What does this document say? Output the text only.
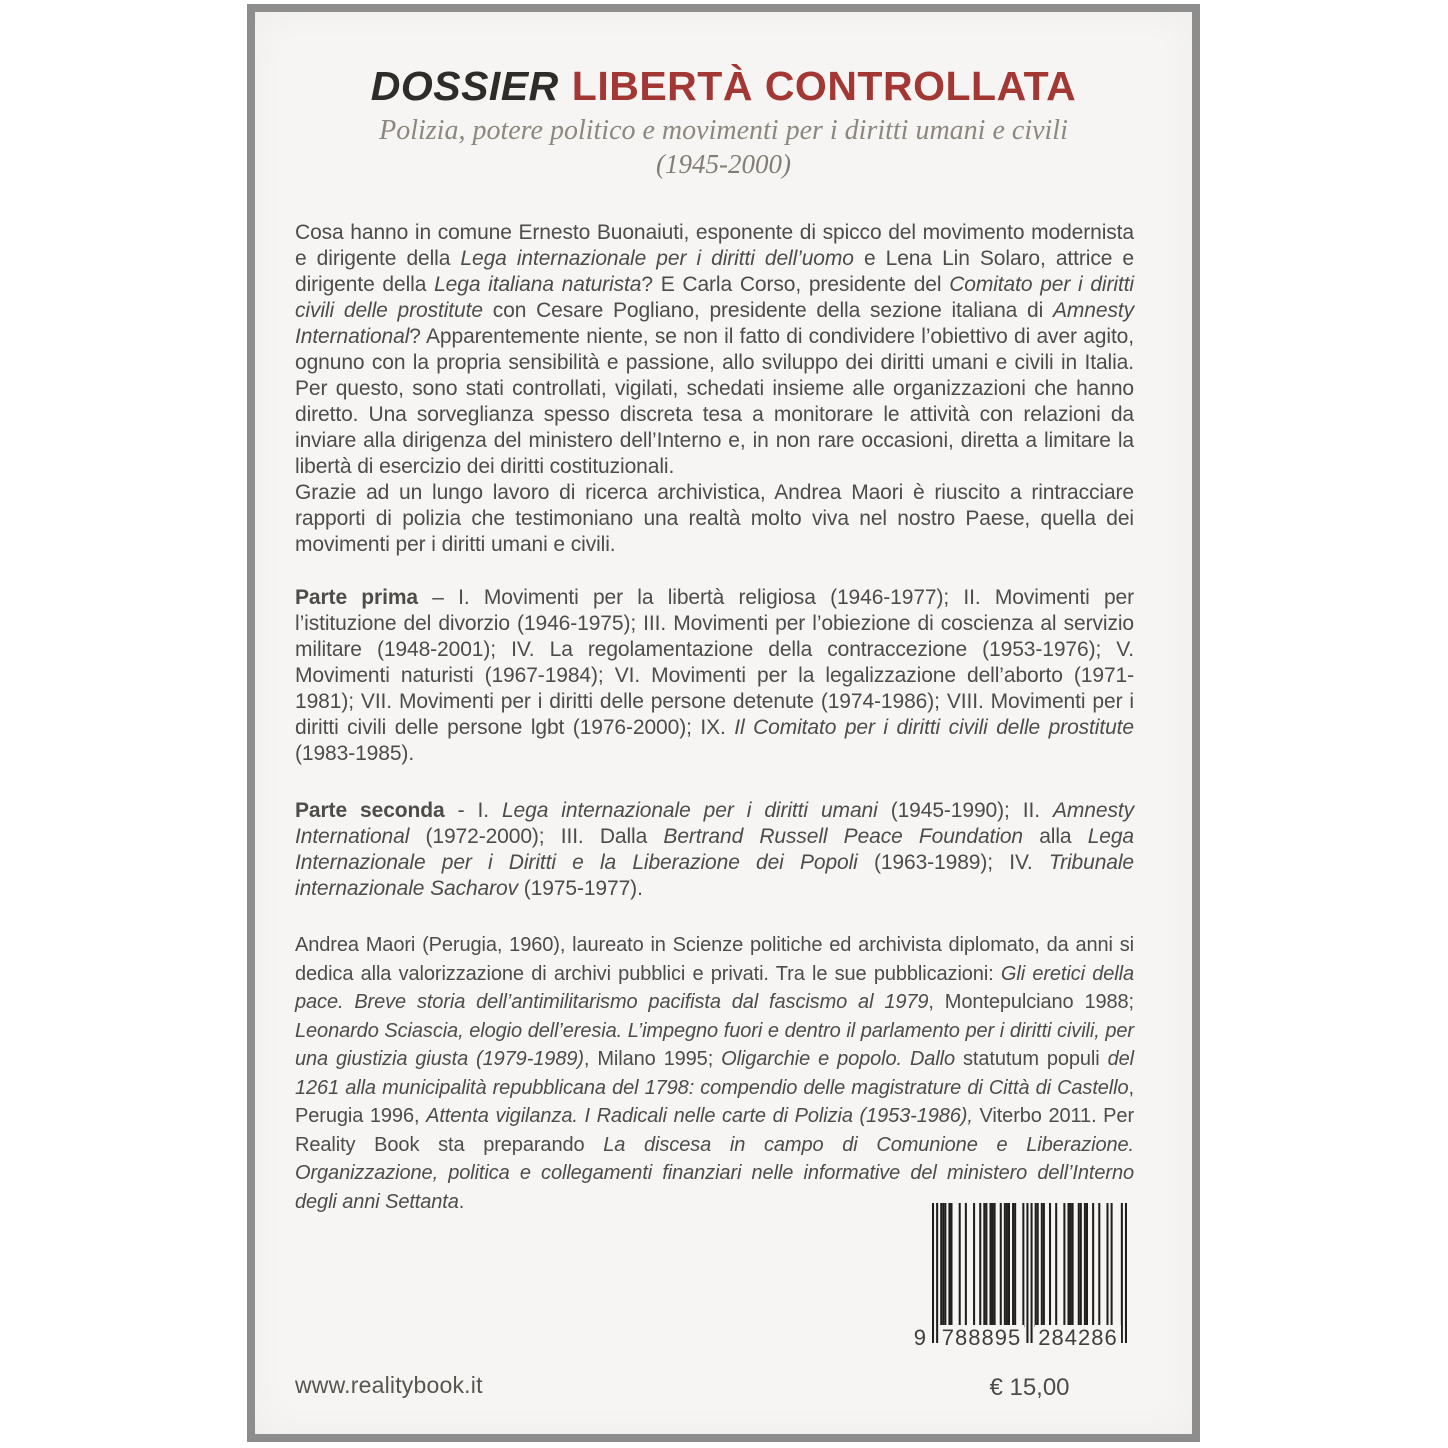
DOSSIER LIBERTÀ CONTROLLATA
Polizia, potere politico e movimenti per i diritti umani e civili
(1945-2000)

Cosa hanno in comune Ernesto Buonaiuti, esponente di spicco del movimento modernista e dirigente della Lega internazionale per i diritti dell’uomo e Lena Lin Solaro, attrice e dirigente della Lega italiana naturista? E Carla Corso, presidente del Comitato per i diritti civili delle prostitute con Cesare Pogliano, presidente della sezione italiana di Amnesty International? Apparentemente niente, se non il fatto di condividere l’obiettivo di aver agito, ognuno con la propria sensibilità e passione, allo sviluppo dei diritti umani e civili in Italia. Per questo, sono stati controllati, vigilati, schedati insieme alle organizzazioni che hanno diretto. Una sorveglianza spesso discreta tesa a monitorare le attività con relazioni da inviare alla dirigenza del ministero dell’Interno e, in non rare occasioni, diretta a limitare la libertà di esercizio dei diritti costituzionali.

Grazie ad un lungo lavoro di ricerca archivistica, Andrea Maori è riuscito a rintracciare rapporti di polizia che testimoniano una realtà molto viva nel nostro Paese, quella dei movimenti per i diritti umani e civili.

Parte prima – I. Movimenti per la libertà religiosa (1946-1977); II. Movimenti per l’istituzione del divorzio (1946-1975); III. Movimenti per l’obiezione di coscienza al servizio militare (1948-2001); IV. La regolamentazione della contraccezione (1953-1976); V. Movimenti naturisti (1967-1984); VI. Movimenti per la legalizzazione dell’aborto (1971-1981); VII. Movimenti per i diritti delle persone detenute (1974-1986); VIII. Movimenti per i diritti civili delle persone lgbt (1976-2000); IX. Il Comitato per i diritti civili delle prostitute (1983-1985).

Parte seconda - I. Lega internazionale per i diritti umani (1945-1990); II. Amnesty International (1972-2000); III. Dalla Bertrand Russell Peace Foundation alla Lega Internazionale per i Diritti e la Liberazione dei Popoli (1963-1989); IV. Tribunale internazionale Sacharov (1975-1977).

Andrea Maori (Perugia, 1960), laureato in Scienze politiche ed archivista diplomato, da anni si dedica alla valorizzazione di archivi pubblici e privati. Tra le sue pubblicazioni: Gli eretici della pace. Breve storia dell’antimilitarismo pacifista dal fascismo al 1979, Montepulciano 1988; Leonardo Sciascia, elogio dell’eresia. L’impegno fuori e dentro il parlamento per i diritti civili, per una giustizia giusta (1979-1989), Milano 1995; Oligarchie e popolo. Dallo statutum populi del 1261 alla municipalità repubblicana del 1798: compendio delle magistrature di Città di Castello, Perugia 1996, Attenta vigilanza. I Radicali nelle carte di Polizia (1953-1986), Viterbo 2011. Per Reality Book sta preparando La discesa in campo di Comunione e Liberazione. Organizzazione, politica e collegamenti finanziari nelle informative del ministero dell’Interno degli anni Settanta.

9 788895 284286
www.realitybook.it	€ 15,00
